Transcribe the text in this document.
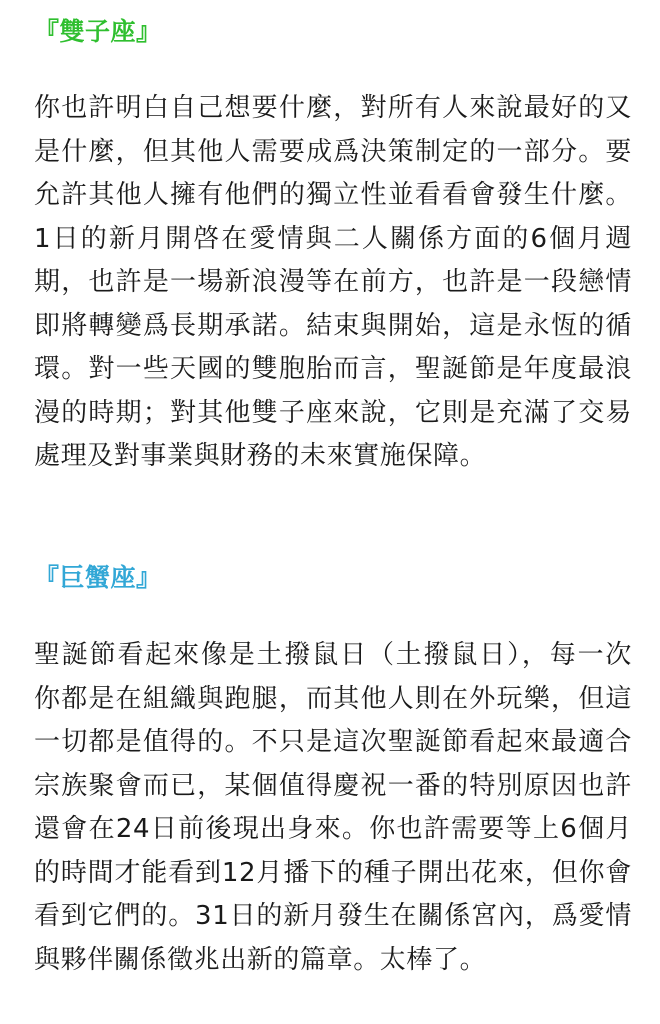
『雙子座』

你也許明白自己想要什麼，對所有人來說最好的又是什麼，但其他人需要成爲決策制定的一部分。要允許其他人擁有他們的獨立性並看看會發生什麼。1日的新月開啓在愛情與二人關係方面的6個月週期，也許是一場新浪漫等在前方，也許是一段戀情即將轉變爲長期承諾。結束與開始，這是永恆的循環。對一些天國的雙胞胎而言，聖誕節是年度最浪漫的時期；對其他雙子座來說，它則是充滿了交易處理及對事業與財務的未來實施保障。

『巨蟹座』

聖誕節看起來像是土撥鼠日（土撥鼠日），每一次你都是在組織與跑腿，而其他人則在外玩樂，但這一切都是值得的。不只是這次聖誕節看起來最適合宗族聚會而已，某個值得慶祝一番的特別原因也許還會在24日前後現出身來。你也許需要等上6個月的時間才能看到12月播下的種子開出花來，但你會看到它們的。31日的新月發生在關係宮內，爲愛情與夥伴關係徵兆出新的篇章。太棒了。
